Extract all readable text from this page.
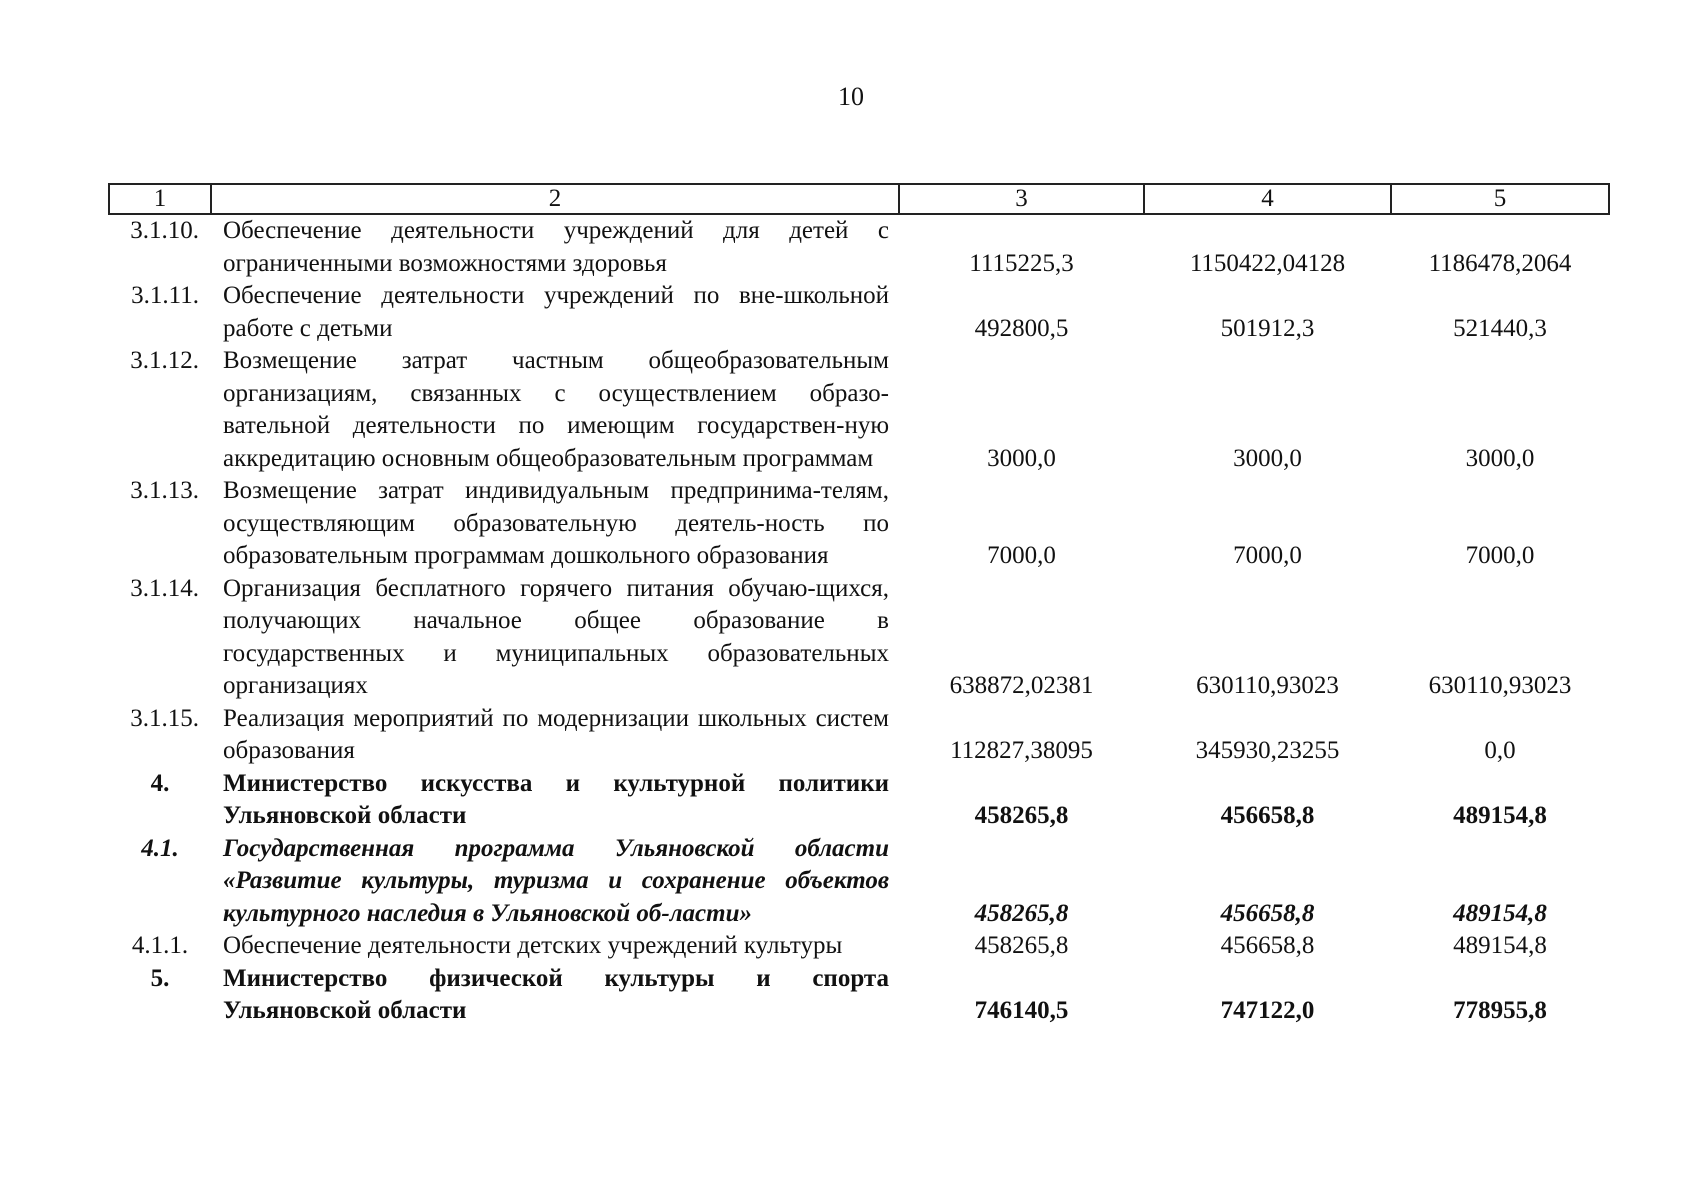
10
1	2	3	4	5
3.1.10.	Обеспечение деятельности учреждений для детей с ограниченными возможностями здоровья	1115225,3	1150422,04128	1186478,2064
3.1.11.	Обеспечение деятельности учреждений по вне-школьной работе с детьми	492800,5	501912,3	521440,3
3.1.12.	Возмещение затрат частным общеобразовательным организациям, связанных с осуществлением образо-вательной деятельности по имеющим государствен-ную аккредитацию основным общеобразовательным программам	3000,0	3000,0	3000,0
3.1.13.	Возмещение затрат индивидуальным предпринима-телям, осуществляющим образовательную деятель-ность по образовательным программам дошкольного образования	7000,0	7000,0	7000,0
3.1.14.	Организация бесплатного горячего питания обучаю-щихся, получающих начальное общее образование в государственных и муниципальных образовательных организациях	638872,02381	630110,93023	630110,93023
3.1.15.	Реализация мероприятий по модернизации школьных систем образования	112827,38095	345930,23255	0,0
4.	Министерство искусства и культурной политики Ульяновской области	458265,8	456658,8	489154,8
4.1.	Государственная программа Ульяновской области «Развитие культуры, туризма и сохранение объектов культурного наследия в Ульяновской об-ласти»	458265,8	456658,8	489154,8
4.1.1.	Обеспечение деятельности детских учреждений культуры	458265,8	456658,8	489154,8
5.	Министерство физической культуры и спорта Ульяновской области	746140,5	747122,0	778955,8
